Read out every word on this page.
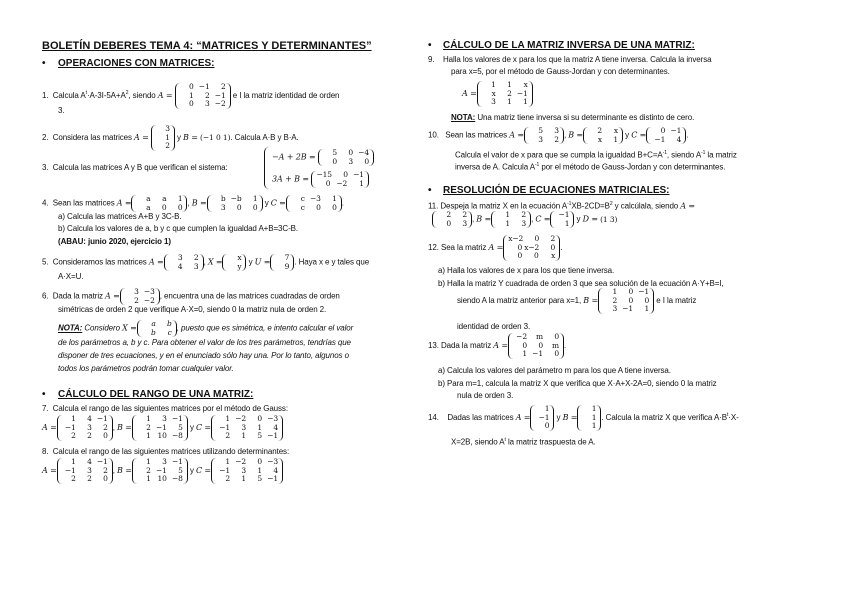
BOLETÍN DEBERES TEMA 4: “MATRICES Y DETERMINANTES”
• OPERACIONES CON MATRICES:
1. Calcula $A^t\cdot A-3I-5A+A^2$, siendo A =
0 −1	2
1	2 −1
0	3 −2
e I la matriz identidad de orden
3.
2. Considera las matrices A =
3
1
2
y B = (−1 0 1). Calcula A·B y B·A.
3. Calcula las matrices A y B que verifican el sistema:
−A + 2B =
5	0 −4
0	3	0
3A + B =
−15	0 −1
0 −2	1
4. Sean las matrices A =
a	a	1
a	0	0 , B =
b −b	1
3	0	0 y C =
c −3	1
c	0	0 .
a) Calcula las matrices A+B y 3C-B.
b) Calcula los valores de a, b y c que cumplen la igualdad A+B=3C-B.
(ABAU: junio 2020, ejercicio 1)
5. Consideramos las matrices A =
3	2
4	3 , X =
x
y y U =
7
9 . Haya x e y tales que
A·X=U.
6. Dada la matriz A =
3 −3
2 −2 , encuentra una de las matrices cuadradas de orden
simétricas de orden 2 que verifique A·X=0, siendo 0 la matriz nula de orden 2.
NOTA: Considero X =
a	b
b	c , puesto que es simétrica, e intento calcular el valor
de los parámetros a, b y c. Para obtener el valor de los tres parámetros, tendrías que
disponer de tres ecuaciones, y en el enunciado sólo hay una. Por lo tanto, algunos o
todos los parámetros podrán tomar cualquier valor.
• CÁLCULO DEL RANGO DE UNA MATRIZ:
7. Calcula el rango de las siguientes matrices por el método de Gauss:
A =
1	4 −1
−1	3	2
2	2	0
, B =
1	3 −1
2 −1	5
1 10 −8
y C =
1 −2	0 −3
−1	3	1	4
2	1	5 −1
8. Calcula el rango de las siguientes matrices utilizando determinantes:
A =
1	4 −1
−1	3	2
2	2	0
, B =
1	3 −1
2 −1	5
1 10 −8
y C =
1 −2	0 −3
−1	3	1	4
2	1	5 −1
• CÁLCULO DE LA MATRIZ INVERSA DE UNA MATRIZ:
9. Halla los valores de x para los que la matriz A tiene inversa. Calcula la inversa
para x=5, por el método de Gauss-Jordan y con determinantes.
A =
1	1	x
x	2 −1
3	1	1
NOTA: Una matriz tiene inversa si su determinante es distinto de cero.
10. Sean las matrices A =
5	3
3	2 , B =
2	x
x	1 y C =
0 −1
−1	4 .
Calcula el valor de x para que se cumpla la igualdad $B+C=A^{-1}$, siendo $A^{-1}$ la matriz
inversa de A. Calcula $A^{-1}$ por el método de Gauss-Jordan y con determinantes.
• RESOLUCIÓN DE ECUACIONES MATRICIALES:
11. Despeja la matriz X en la ecuación $A^{-1}XB-2CD=B^2$ y calcúlala, siendo A =
2	2
0	3 , B =
1	2
1	3 , C =
−1
1 y D = (1 3)
12. Sea la matriz A =
x−2	0	2
0 x−2	0
0	0	x
.
a) Halla los valores de x para los que tiene inversa.
b) Halla la matriz Y cuadrada de orden 3 que sea solución de la ecuación A·Y+B=I,
siendo A la matriz anterior para x=1, B =
1	0 −1
2	0	0
3 −1	1
e I la matriz
identidad de orden 3.
13. Dada la matriz A =
−2	m	0
0	0	m
1 −1	0
.
a) Calcula los valores del parámetro m para los que A tiene inversa.
b) Para m=1, calcula la matriz X que verifica que X·A+X-2A=0, siendo 0 la matriz
nula de orden 3.
14. Dadas las matrices A =
1
−1
0
y B =
1
1
1
. Calcula la matriz X que verifica $A\cdot B^t\cdot X-$
X=2B, siendo $A^t$ la matriz traspuesta de A.
